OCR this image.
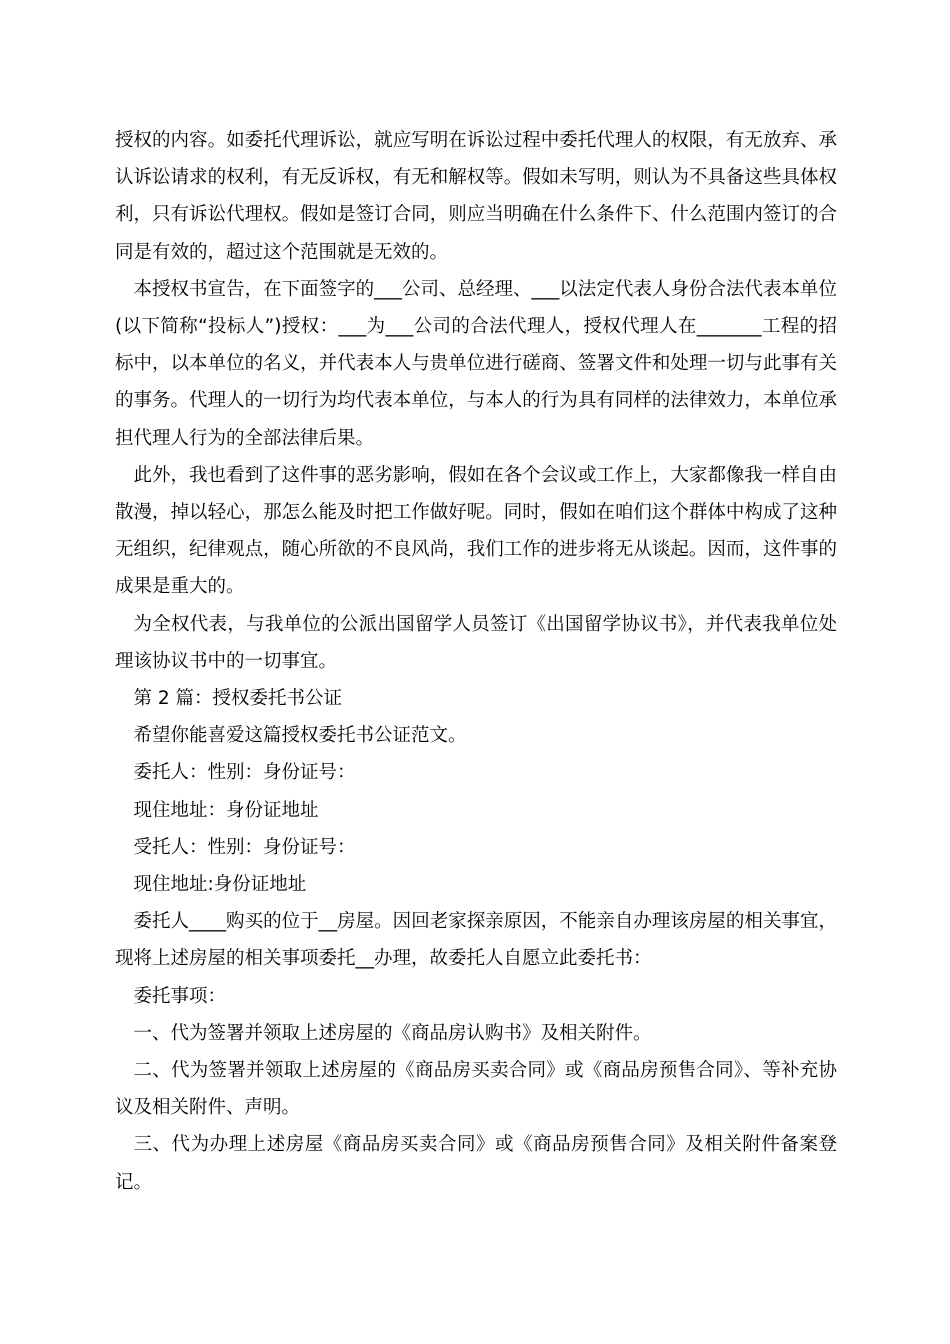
授权的内容。如委托代理诉讼，就应写明在诉讼过程中委托代理人的权限，有无放弃、承认诉讼请求的权利，有无反诉权，有无和解权等。假如未写明，则认为不具备这些具体权利，只有诉讼代理权。假如是签订合同，则应当明确在什么条件下、什么范围内签订的合同是有效的，超过这个范围就是无效的。

本授权书宣告，在下面签字的___公司、总经理、___以法定代表人身份合法代表本单位(以下简称“投标人”)授权：___为___公司的合法代理人，授权代理人在_______工程的招标中，以本单位的名义，并代表本人与贵单位进行磋商、签署文件和处理一切与此事有关的事务。代理人的一切行为均代表本单位，与本人的行为具有同样的法律效力，本单位承担代理人行为的全部法律后果。

此外，我也看到了这件事的恶劣影响，假如在各个会议或工作上，大家都像我一样自由散漫，掉以轻心，那怎么能及时把工作做好呢。同时，假如在咱们这个群体中构成了这种无组织，纪律观点，随心所欲的不良风尚，我们工作的进步将无从谈起。因而，这件事的成果是重大的。

为全权代表，与我单位的公派出国留学人员签订《出国留学协议书》，并代表我单位处理该协议书中的一切事宜。

第 2 篇：授权委托书公证

希望你能喜爱这篇授权委托书公证范文。

委托人：性别：身份证号：

现住地址：身份证地址

受托人：性别：身份证号：

现住地址:身份证地址

委托人____购买的位于__房屋。因回老家探亲原因，不能亲自办理该房屋的相关事宜，现将上述房屋的相关事项委托__办理，故委托人自愿立此委托书：

委托事项：

一、代为签署并领取上述房屋的《商品房认购书》及相关附件。

二、代为签署并领取上述房屋的《商品房买卖合同》或《商品房预售合同》、等补充协议及相关附件、声明。

三、代为办理上述房屋《商品房买卖合同》或《商品房预售合同》及相关附件备案登记。
